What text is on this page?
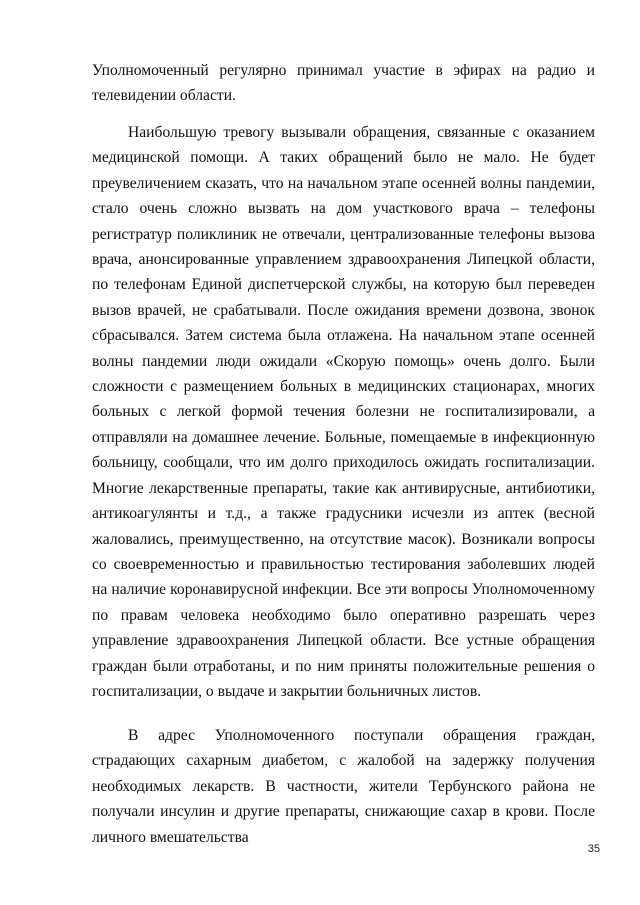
Уполномоченный регулярно принимал участие в эфирах на радио и телевидении области.

Наибольшую тревогу вызывали обращения, связанные с оказанием медицинской помощи. А таких обращений было не мало. Не будет преувеличением сказать, что на начальном этапе осенней волны пандемии, стало очень сложно вызвать на дом участкового врача – телефоны регистратур поликлиник не отвечали, централизованные телефоны вызова врача, анонсированные управлением здравоохранения Липецкой области, по телефонам Единой диспетчерской службы, на которую был переведен вызов врачей, не срабатывали. После ожидания времени дозвона, звонок сбрасывался. Затем система была отлажена. На начальном этапе осенней волны пандемии люди ожидали «Скорую помощь» очень долго. Были сложности с размещением больных в медицинских стационарах, многих больных с легкой формой течения болезни не госпитализировали, а отправляли на домашнее лечение. Больные, помещаемые в инфекционную больницу, сообщали, что им долго приходилось ожидать госпитализации. Многие лекарственные препараты, такие как антивирусные, антибиотики, антикоагулянты и т.д., а также градусники исчезли из аптек (весной жаловались, преимущественно, на отсутствие масок). Возникали вопросы со своевременностью и правильностью тестирования заболевших людей на наличие коронавирусной инфекции. Все эти вопросы Уполномоченному по правам человека необходимо было оперативно разрешать через управление здравоохранения Липецкой области. Все устные обращения граждан были отработаны, и по ним приняты положительные решения о госпитализации, о выдаче и закрытии больничных листов.

В адрес Уполномоченного поступали обращения граждан, страдающих сахарным диабетом, с жалобой на задержку получения необходимых лекарств. В частности, жители Тербунского района не получали инсулин и другие препараты, снижающие сахар в крови. После личного вмешательства

35
